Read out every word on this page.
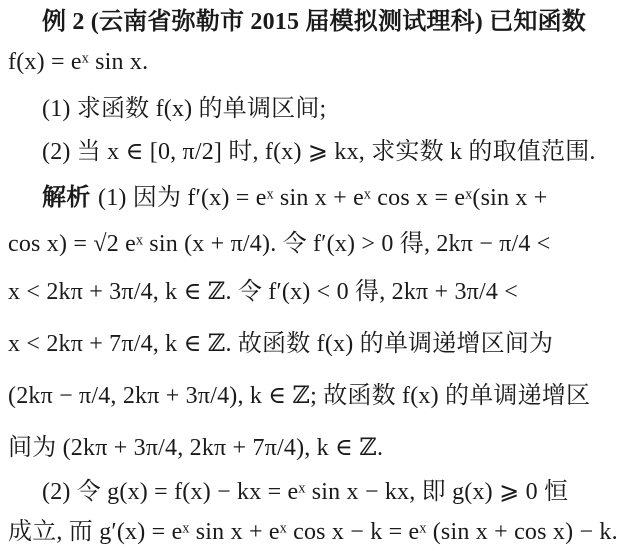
例 2 (云南省弥勒市 2015 届模拟测试理科) 已知函数
f(x) = eˣ sin x.
(1) 求函数 f(x) 的单调区间;
(2) 当 x ∈ [0, π/2] 时, f(x) ⩾ kx, 求实数 k 的取值范围.
解析 (1) 因为 f′(x) = eˣ sin x + eˣ cos x = eˣ(sin x +
cos x) = √2 eˣ sin (x + π/4). 令 f′(x) > 0 得, 2kπ − π/4 <
x < 2kπ + 3π/4, k ∈ ℤ. 令 f′(x) < 0 得, 2kπ + 3π/4 <
x < 2kπ + 7π/4, k ∈ ℤ. 故函数 f(x) 的单调递增区间为
(2kπ − π/4, 2kπ + 3π/4), k ∈ ℤ; 故函数 f(x) 的单调递增区
间为 (2kπ + 3π/4, 2kπ + 7π/4), k ∈ ℤ.
(2) 令 g(x) = f(x) − kx = eˣ sin x − kx, 即 g(x) ⩾ 0 恒
成立, 而 g′(x) = eˣ sin x + eˣ cos x − k = eˣ (sin x + cos x) − k.
